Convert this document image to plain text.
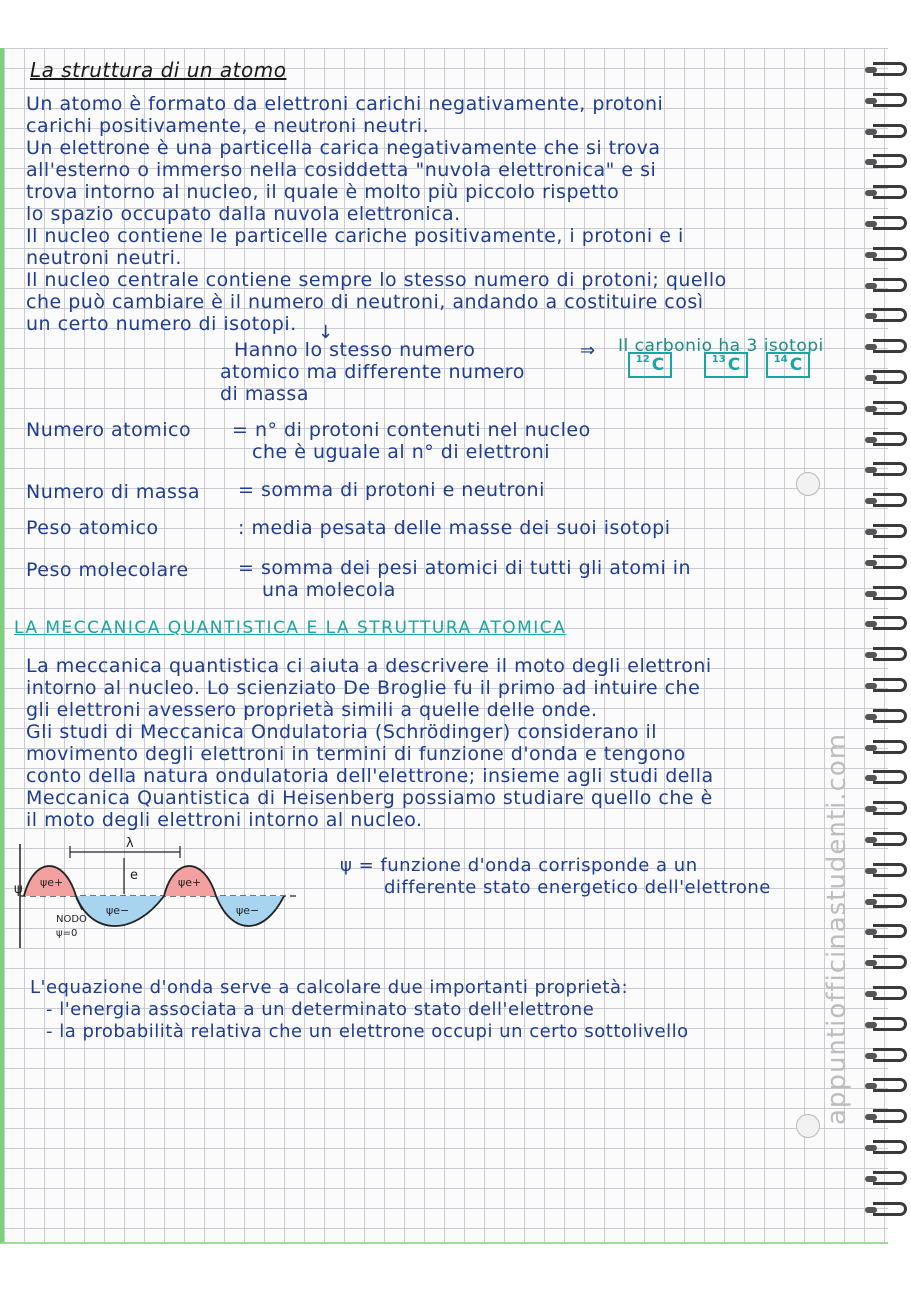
La struttura di un atomo
Un atomo è formato da elettroni carichi negativamente, protoni
carichi positivamente, e neutroni neutri.
Un elettrone è una particella carica negativamente che si trova
all'esterno o immerso nella cosiddetta "nuvola elettronica" e si
trova intorno al nucleo, il quale è molto più piccolo rispetto
lo spazio occupato dalla nuvola elettronica.
Il nucleo contiene le particelle cariche positivamente, i protoni e i
neutroni neutri.
Il nucleo centrale contiene sempre lo stesso numero di protoni; quello
che può cambiare è il numero di neutroni, andando a costituire così
un certo numero di isotopi. ↓
Hanno lo stesso numero
atomico ma differente numero
di massa
⇒ Il carbonio ha 3 isotopi
12 C	13 C	14 C
Numero atomico = n° di protoni contenuti nel nucleo
che è uguale al n° di elettroni
Numero di massa = somma di protoni e neutroni
Peso atomico	: media pesata delle masse dei suoi isotopi
Peso molecolare	= somma dei pesi atomici di tutti gli atomi in
una molecola
LA MECCANICA QUANTISTICA E LA STRUTTURA ATOMICA
La meccanica quantistica ci aiuta a descrivere il moto degli elettroni
intorno al nucleo. Lo scienziato De Broglie fu il primo ad intuire che
gli elettroni avessero proprietà simili a quelle delle onde.
Gli studi di Meccanica Ondulatoria (Schrödinger) considerano il
movimento degli elettroni in termini di funzione d'onda e tengono
conto della natura ondulatoria dell'elettrone; insieme agli studi della
Meccanica Quantistica di Heisenberg possiamo studiare quello che è
il moto degli elettroni intorno al nucleo.
ψ
λ
e
ψe+	ψe+
ψe−	ψe−
NODO
ψ=0
ψ = funzione d'onda corrisponde a un
differente stato energetico dell'elettrone
L'equazione d'onda serve a calcolare due importanti proprietà:
- l'energia associata a un determinato stato dell'elettrone
- la probabilità relativa che un elettrone occupi un certo sottolivello	appuntiofficinastudenti.com
